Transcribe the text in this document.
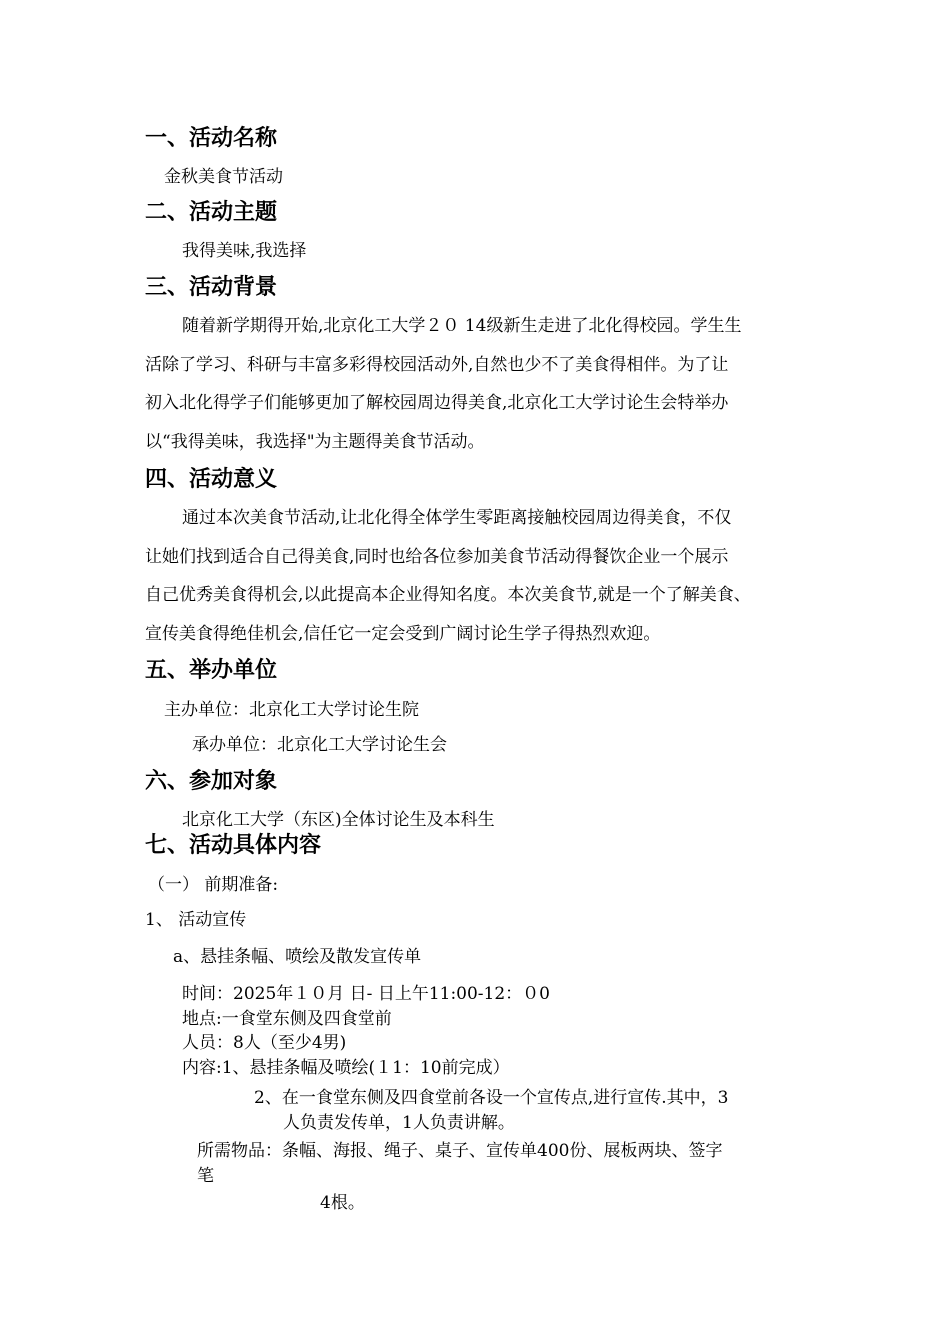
一、活动名称
金秋美食节活动
二、活动主题
我得美味,我选择
三、活动背景
随着新学期得开始,北京化工大学２０ 14级新生走进了北化得校园。学生生
活除了学习、科研与丰富多彩得校园活动外,自然也少不了美食得相伴。为了让
初入北化得学子们能够更加了解校园周边得美食,北京化工大学讨论生会特举办
以“我得美味，我选择"为主题得美食节活动。
四、活动意义
通过本次美食节活动,让北化得全体学生零距离接触校园周边得美食，不仅
让她们找到适合自己得美食,同时也给各位参加美食节活动得餐饮企业一个展示
自己优秀美食得机会,以此提高本企业得知名度。本次美食节,就是一个了解美食、
宣传美食得绝佳机会,信任它一定会受到广阔讨论生学子得热烈欢迎。
五、举办单位
主办单位：北京化工大学讨论生院
承办单位：北京化工大学讨论生会
六、参加对象
北京化工大学（东区)全体讨论生及本科生
七、活动具体内容
（一） 前期准备:
1、 活动宣传
a、悬挂条幅、喷绘及散发宣传单
时间：2025年１０月 日- 日上午11:00-12：０0
地点:一食堂东侧及四食堂前
人员：8人（至少4男)
内容:1、悬挂条幅及喷绘(１1：10前完成）
2、在一食堂东侧及四食堂前各设一个宣传点,进行宣传.其中，3
人负责发传单，1人负责讲解。
所需物品：条幅、海报、绳子、桌子、宣传单400份、展板两块、签字
笔
4根。
